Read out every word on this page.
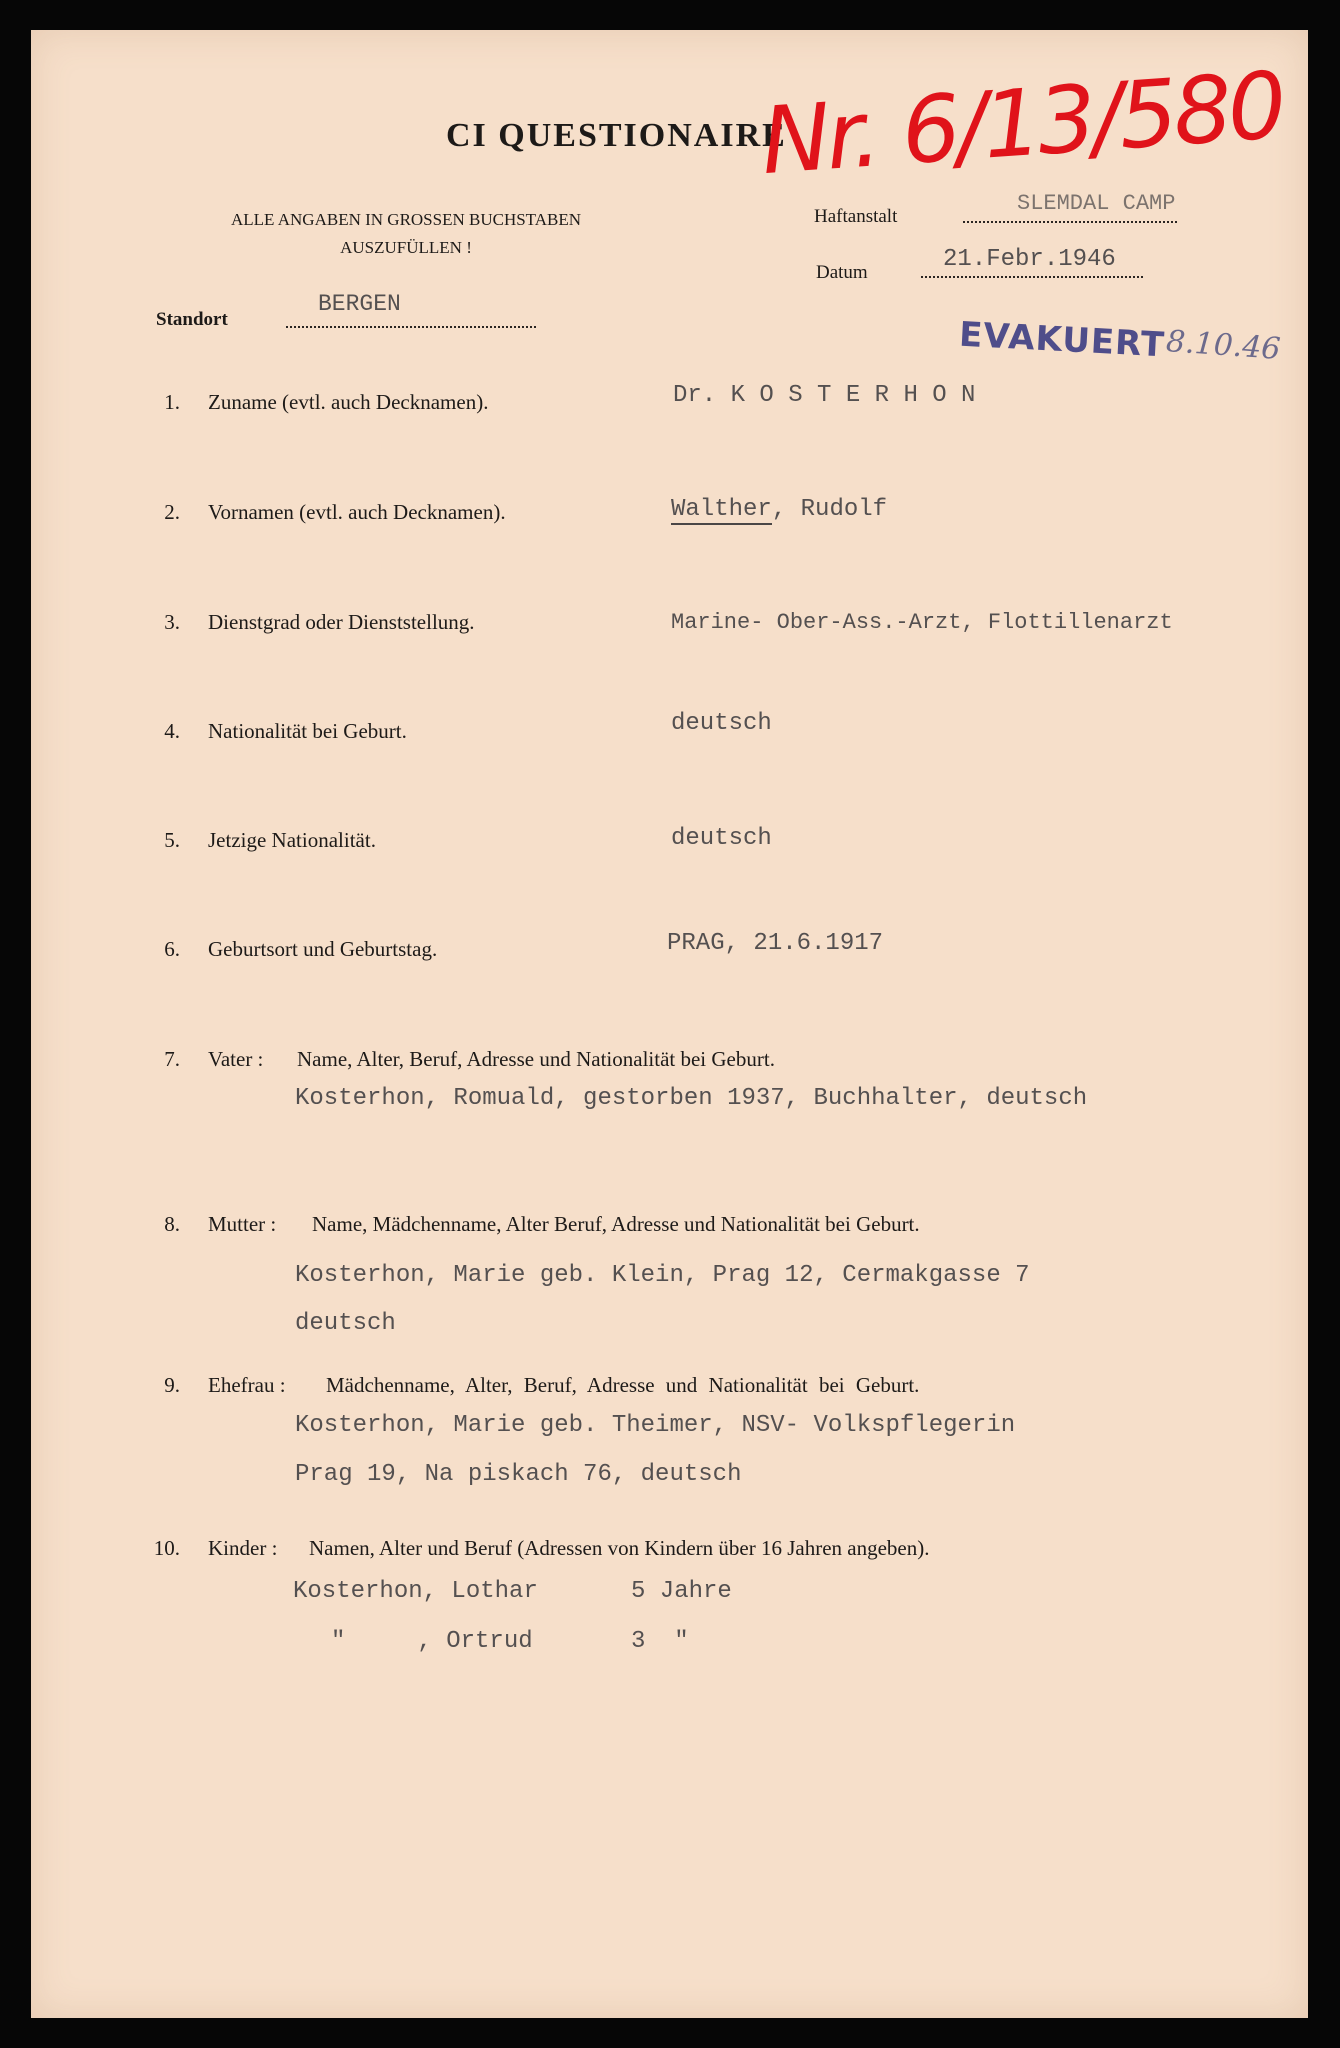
CI QUESTIONAIRE
Nr. 6/13/580
ALLE ANGABEN IN GROSSEN BUCHSTABEN
AUSZUFÜLLEN !
Haftanstalt
SLEMDAL CAMP
Datum	21.Febr.1946
Standort
BERGEN
EVAKUERT 8.10.46
1. Zuname (evtl. auch Decknamen).	Dr. K O S T E R H O N
2. Vornamen (evtl. auch Decknamen).	Walther, Rudolf
3. Dienstgrad oder Dienststellung.	Marine- Ober-Ass.-Arzt, Flottillenarzt
4. Nationalität bei Geburt.	deutsch
5. Jetzige Nationalität.	deutsch
6. Geburtsort und Geburtstag.	PRAG, 21.6.1917
7. Vater : Name, Alter, Beruf, Adresse und Nationalität bei Geburt.
Kosterhon, Romuald, gestorben 1937, Buchhalter, deutsch
8. Mutter : Name, Mädchenname, Alter Beruf, Adresse und Nationalität bei Geburt.
Kosterhon, Marie geb. Klein, Prag 12, Cermakgasse 7
deutsch
9. Ehefrau : Mädchenname, Alter, Beruf, Adresse und Nationalität bei Geburt.
Kosterhon, Marie geb. Theimer, NSV- Volkspflegerin
Prag 19, Na piskach 76, deutsch
10. Kinder : Namen, Alter und Beruf (Adressen von Kindern über 16 Jahren angeben).
Kosterhon, Lothar	5 Jahre
"     , Ortrud	3  "
